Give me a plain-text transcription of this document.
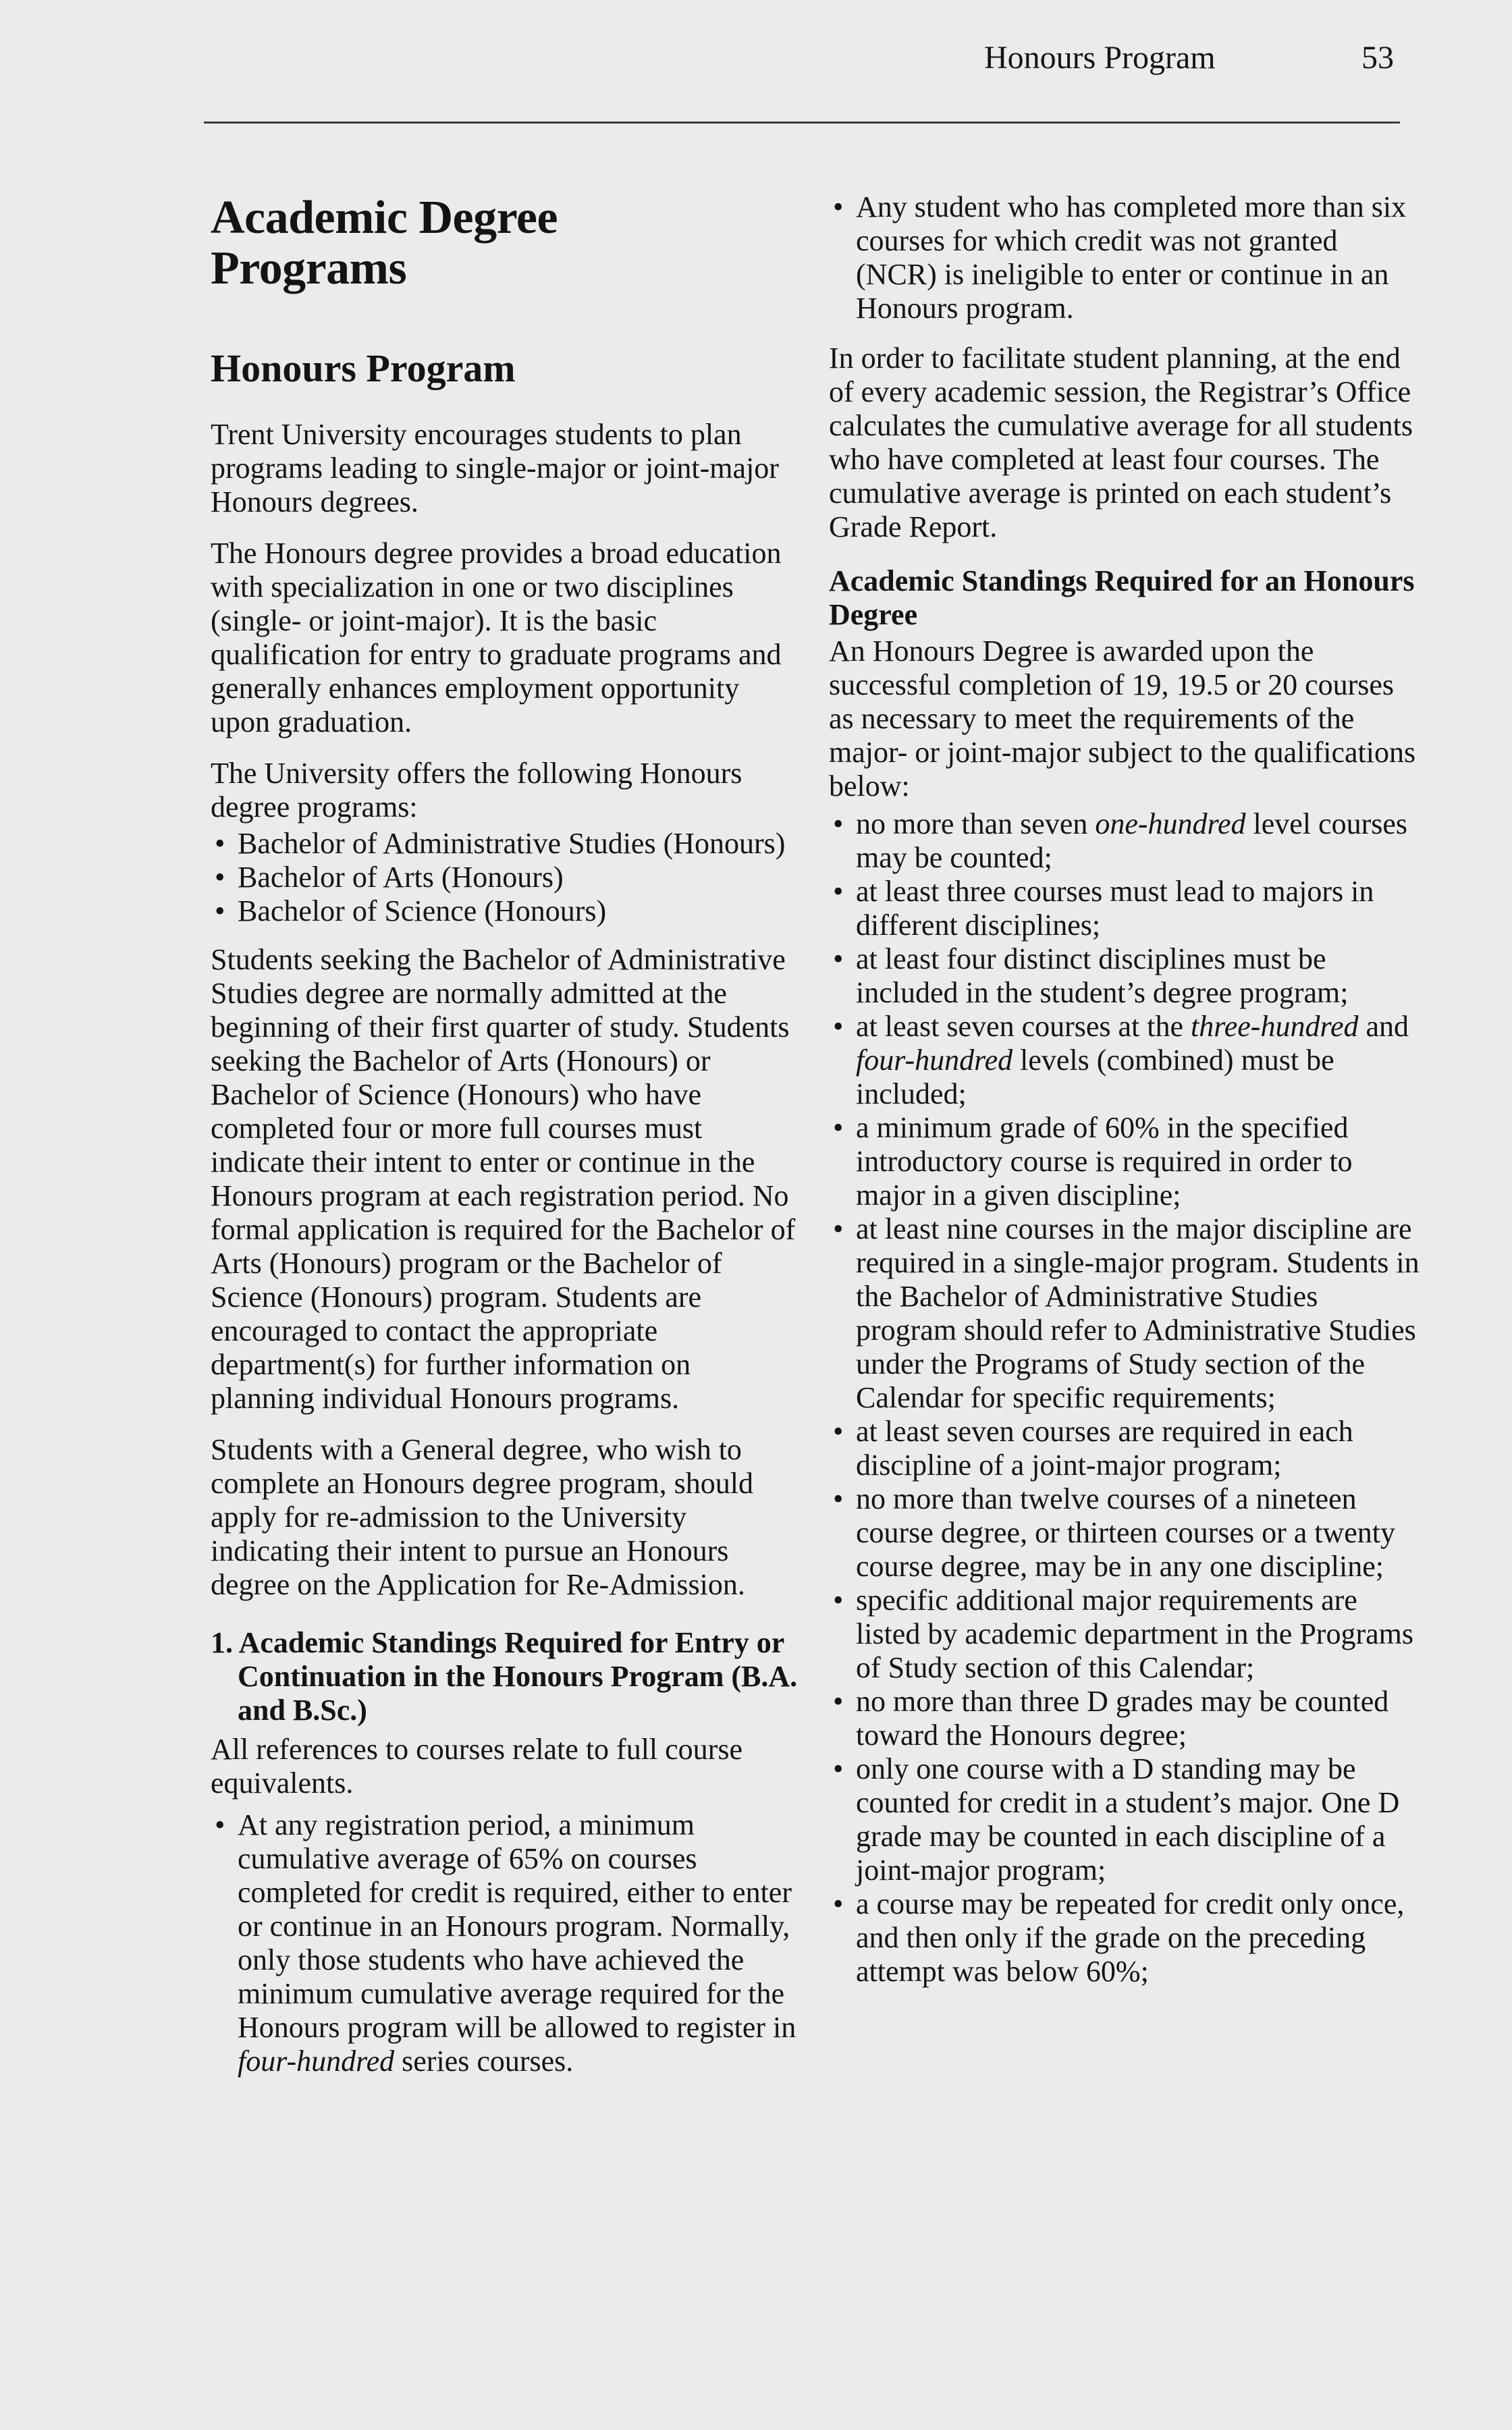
Honours Program	53
Academic Degree
Programs
Honours Program

Trent University encourages students to plan programs leading to single-major or joint-major Honours degrees.

The Honours degree provides a broad education with specialization in one or two disciplines (single- or joint-major). It is the basic qualification for entry to graduate programs and generally enhances employment opportunity upon graduation.

The University offers the following Honours degree programs:

• Bachelor of Administrative Studies (Honours)
• Bachelor of Arts (Honours)
• Bachelor of Science (Honours)

Students seeking the Bachelor of Administrative Studies degree are normally admitted at the beginning of their first quarter of study. Students seeking the Bachelor of Arts (Honours) or Bachelor of Science (Honours) who have completed four or more full courses must indicate their intent to enter or continue in the Honours program at each registration period. No formal application is required for the Bachelor of Arts (Honours) program or the Bachelor of Science (Honours) program. Students are encouraged to contact the appropriate department(s) for further information on planning individual Honours programs.

Students with a General degree, who wish to complete an Honours degree program, should apply for re-admission to the University indicating their intent to pursue an Honours degree on the Application for Re-Admission.

1. Academic Standings Required for Entry or Continuation in the Honours Program (B.A. and B.Sc.)

All references to courses relate to full course equivalents.

• At any registration period, a minimum cumulative average of 65% on courses completed for credit is required, either to enter or continue in an Honours program. Normally, only those students who have achieved the minimum cumulative average required for the Honours program will be allowed to register in four-hundred series courses.
• Any student who has completed more than six courses for which credit was not granted (NCR) is ineligible to enter or continue in an Honours program.

In order to facilitate student planning, at the end of every academic session, the Registrar’s Office calculates the cumulative average for all students who have completed at least four courses. The cumulative average is printed on each student’s Grade Report.

Academic Standings Required for an Honours Degree

An Honours Degree is awarded upon the successful completion of 19, 19.5 or 20 courses as necessary to meet the requirements of the major- or joint-major subject to the qualifications below:

• no more than seven one-hundred level courses may be counted;
• at least three courses must lead to majors in different disciplines;
• at least four distinct disciplines must be included in the student’s degree program;
• at least seven courses at the three-hundred and four-hundred levels (combined) must be included;
• a minimum grade of 60% in the specified introductory course is required in order to major in a given discipline;
• at least nine courses in the major discipline are required in a single-major program. Students in the Bachelor of Administrative Studies program should refer to Administrative Studies under the Programs of Study section of the Calendar for specific requirements;
• at least seven courses are required in each discipline of a joint-major program;
• no more than twelve courses of a nineteen course degree, or thirteen courses or a twenty course degree, may be in any one discipline;
• specific additional major requirements are listed by academic department in the Programs of Study section of this Calendar;
• no more than three D grades may be counted toward the Honours degree;
• only one course with a D standing may be counted for credit in a student’s major. One D grade may be counted in each discipline of a joint-major program;
• a course may be repeated for credit only once, and then only if the grade on the preceding attempt was below 60%;
